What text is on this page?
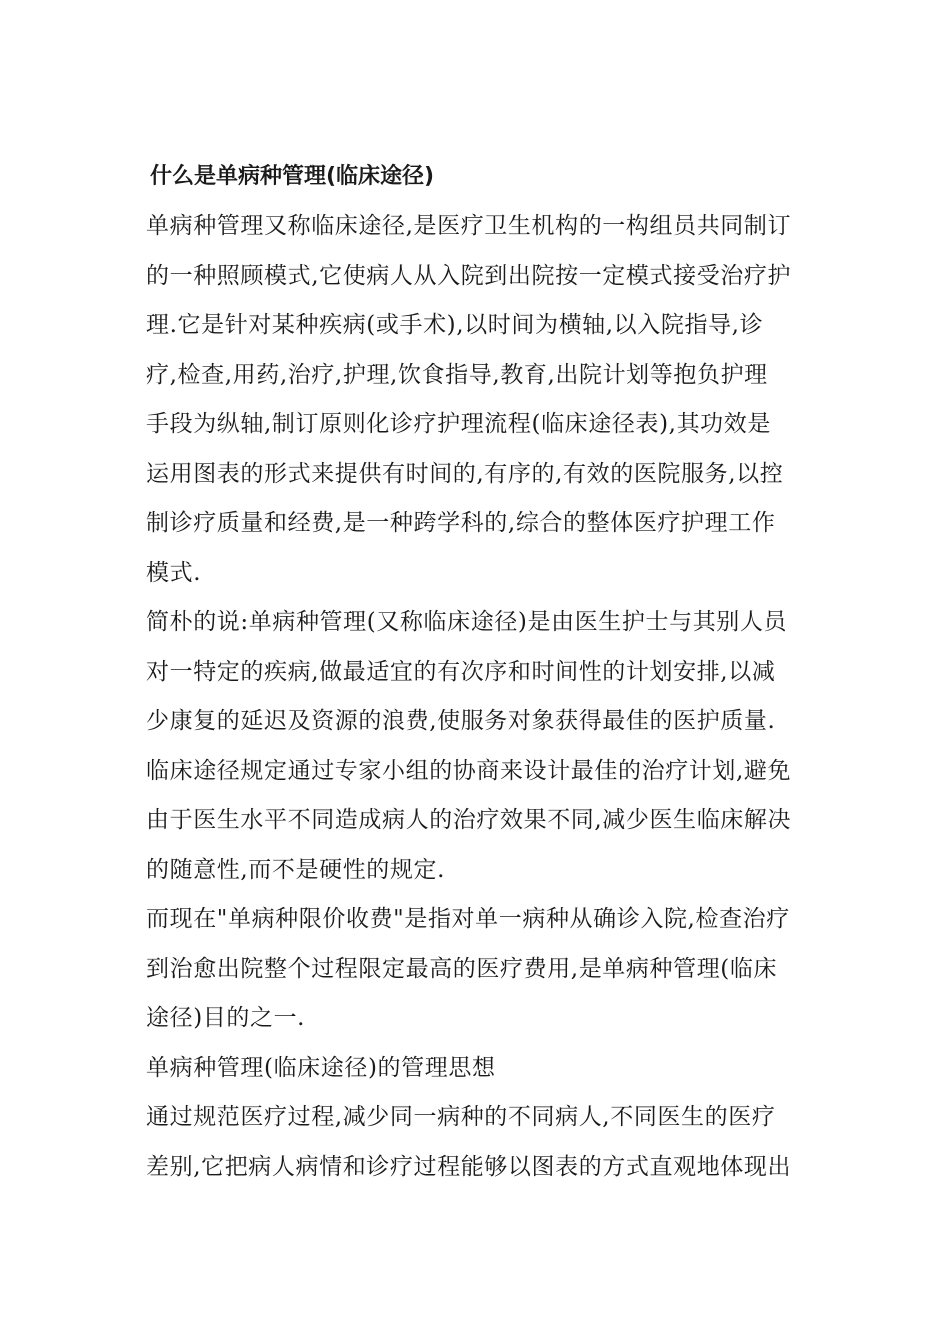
什么是单病种管理(临床途径)

单病种管理又称临床途径,是医疗卫生机构的一构组员共同制订
的一种照顾模式,它使病人从入院到出院按一定模式接受治疗护
理.它是针对某种疾病(或手术),以时间为横轴,以入院指导,诊
疗,检查,用药,治疗,护理,饮食指导,教育,出院计划等抱负护理
手段为纵轴,制订原则化诊疗护理流程(临床途径表),其功效是
运用图表的形式来提供有时间的,有序的,有效的医院服务,以控
制诊疗质量和经费,是一种跨学科的,综合的整体医疗护理工作
模式.

简朴的说:单病种管理(又称临床途径)是由医生护士与其别人员
对一特定的疾病,做最适宜的有次序和时间性的计划安排,以减
少康复的延迟及资源的浪费,使服务对象获得最佳的医护质量.

临床途径规定通过专家小组的协商来设计最佳的治疗计划,避免
由于医生水平不同造成病人的治疗效果不同,减少医生临床解决
的随意性,而不是硬性的规定.

而现在"单病种限价收费"是指对单一病种从确诊入院,检查治疗
到治愈出院整个过程限定最高的医疗费用,是单病种管理(临床
途径)目的之一.

单病种管理(临床途径)的管理思想

通过规范医疗过程,减少同一病种的不同病人,不同医生的医疗
差别,它把病人病情和诊疗过程能够以图表的方式直观地体现出
